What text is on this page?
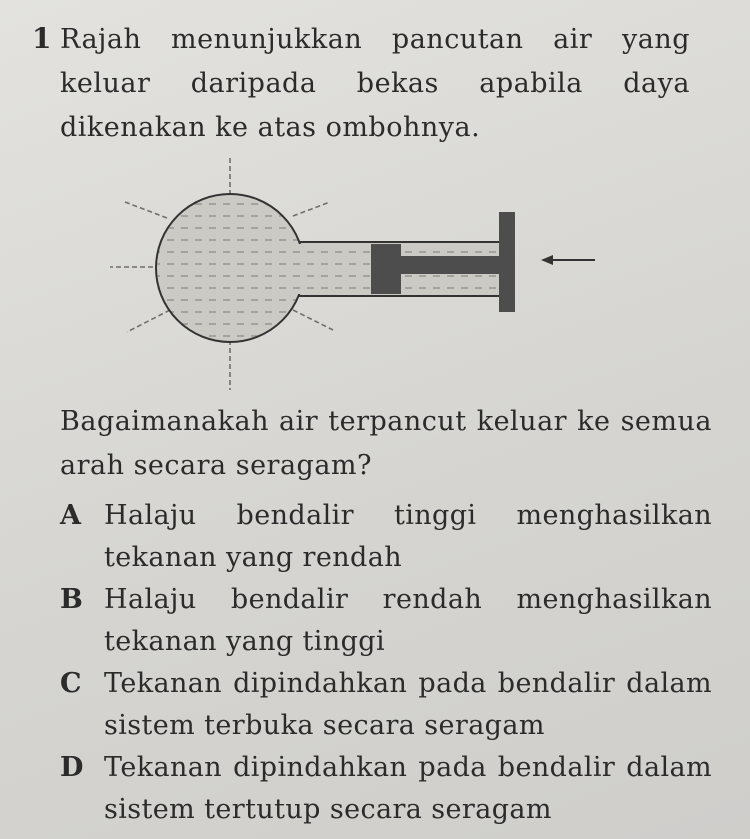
1 Rajah menunjukkan pancutan air yang keluar daripada bekas apabila daya dikenakan ke atas ombohnya.
Bagaimanakah air terpancut keluar ke semua arah secara seragam?
A Halaju bendalir tinggi menghasilkan tekanan yang rendah
B Halaju bendalir rendah menghasilkan tekanan yang tinggi
C Tekanan dipindahkan pada bendalir dalam sistem terbuka secara seragam
D Tekanan dipindahkan pada bendalir dalam sistem tertutup secara seragam
